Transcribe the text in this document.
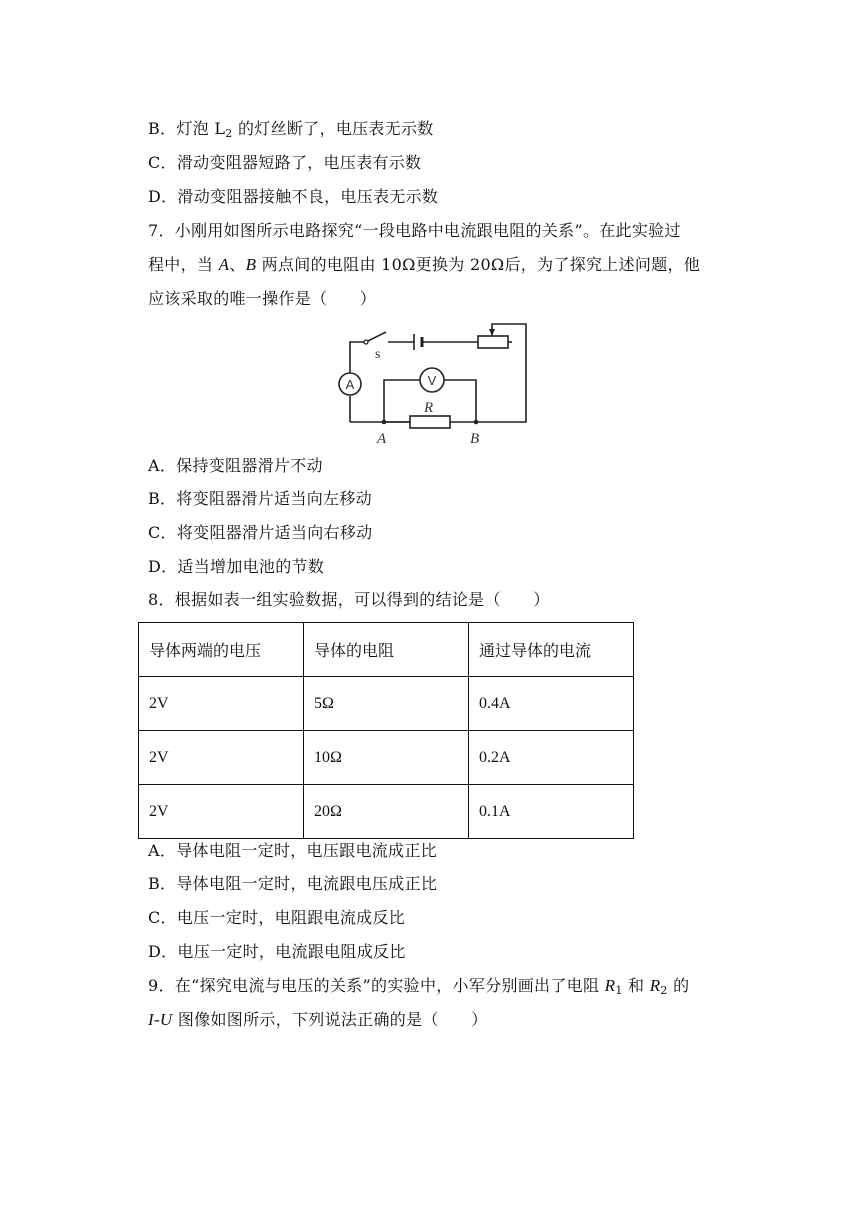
B．灯泡 $L_2$ 的灯丝断了，电压表无示数
C．滑动变阻器短路了，电压表有示数
D．滑动变阻器接触不良，电压表无示数
7．小刚用如图所示电路探究“一段电路中电流跟电阻的关系”。在此实验过
程中，当 A、B 两点间的电阻由 10Ω更换为 20Ω后，为了探究上述问题，他
应该采取的唯一操作是（　　）
A	V
s
R
A	B
A．保持变阻器滑片不动
B．将变阻器滑片适当向左移动
C．将变阻器滑片适当向右移动
D．适当增加电池的节数
8．根据如表一组实验数据，可以得到的结论是（　　）
导体两端的电压	导体的电阻	通过导体的电流
2V	5Ω	0.4A
2V	10Ω	0.2A
2V	20Ω	0.1A
A．导体电阻一定时，电压跟电流成正比
B．导体电阻一定时，电流跟电压成正比
C．电压一定时，电阻跟电流成反比
D．电压一定时，电流跟电阻成反比
9．在“探究电流与电压的关系”的实验中，小军分别画出了电阻 $R_1$ 和 $R_2$ 的
I-U 图像如图所示，下列说法正确的是（　　）
